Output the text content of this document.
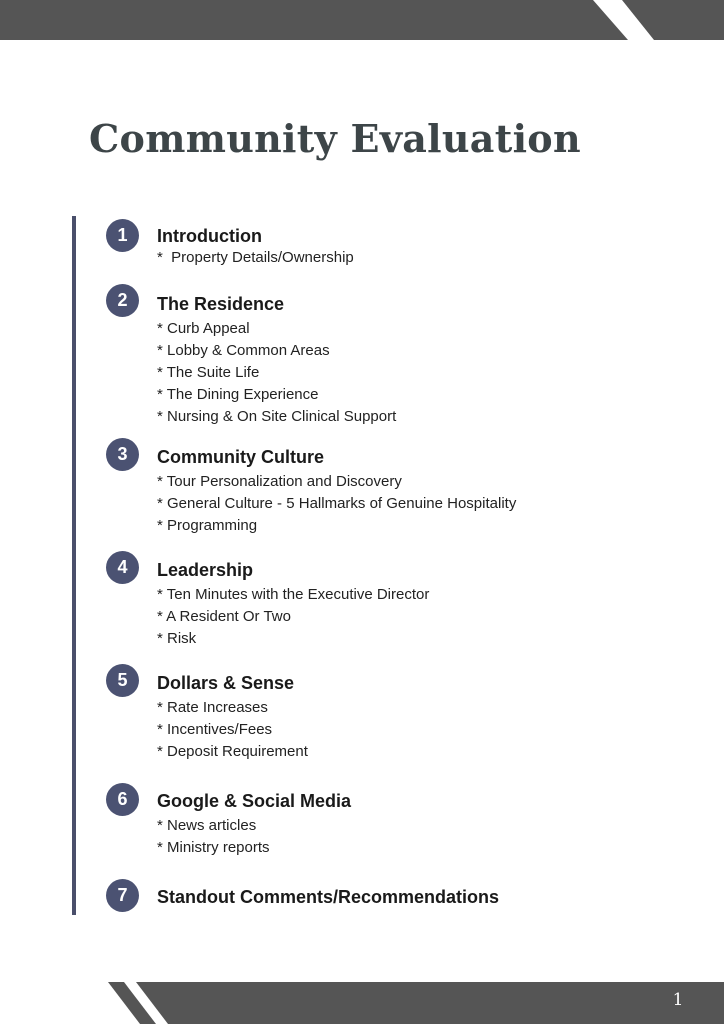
Community Evaluation
1	Introduction
*  Property Details/Ownership
2	The Residence
* Curb Appeal
* Lobby & Common Areas
* The Suite Life
* The Dining Experience
* Nursing & On Site Clinical Support
3	Community Culture
* Tour Personalization and Discovery
* General Culture - 5 Hallmarks of Genuine Hospitality
* Programming
4	Leadership
* Ten Minutes with the Executive Director
* A Resident Or Two
* Risk
5	Dollars & Sense
* Rate Increases
* Incentives/Fees
* Deposit Requirement
6	Google & Social Media
* News articles
* Ministry reports
7	Standout Comments/Recommendations
1
